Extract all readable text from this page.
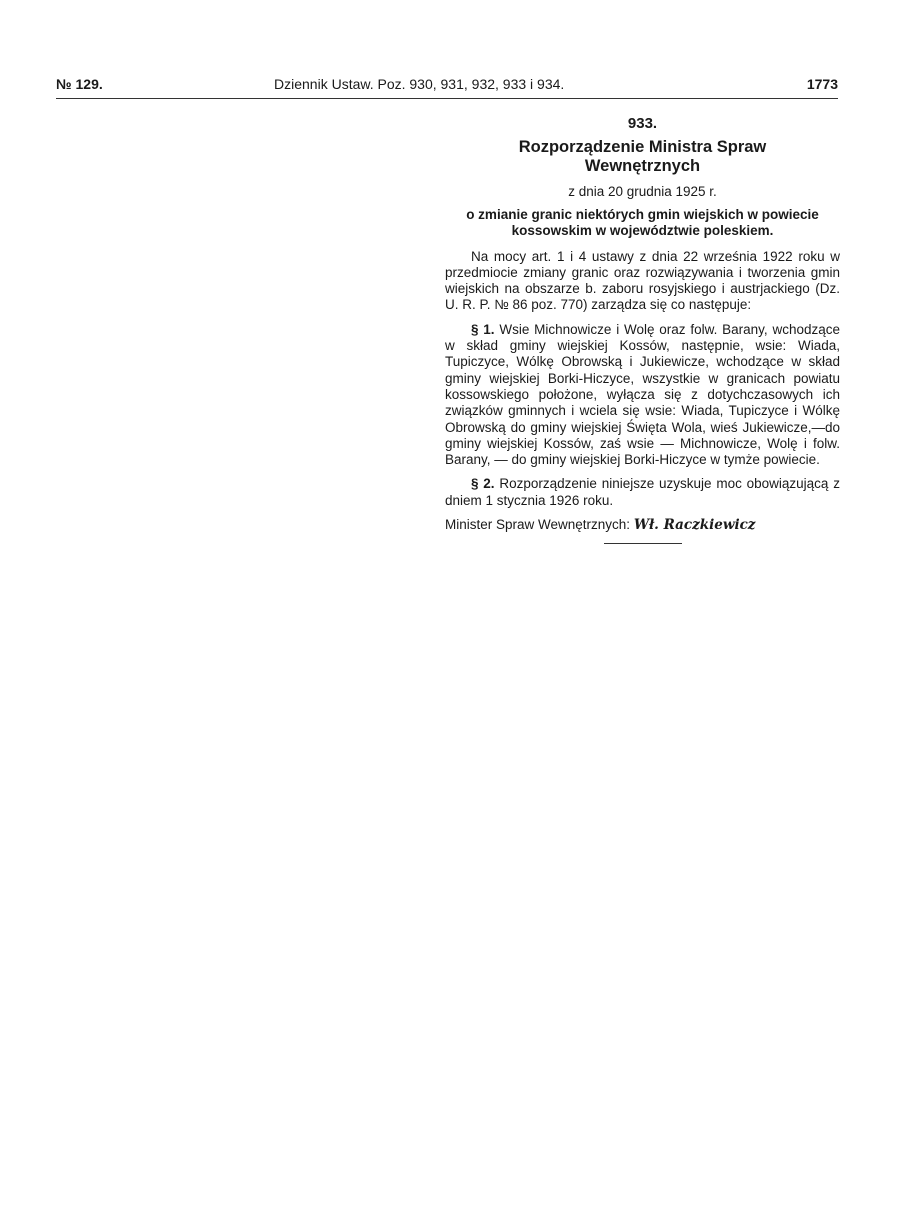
№ 129.	Dziennik Ustaw. Poz. 930, 931, 932, 933 i 934.	1773
933.
Rozporządzenie Ministra Spraw Wewnętrznych
z dnia 20 grudnia 1925 r.
o zmianie granic niektórych gmin wiejskich w powiecie kossowskim w województwie poleskiem.

Na mocy art. 1 i 4 ustawy z dnia 22 września 1922 roku w przedmiocie zmiany granic oraz rozwiązywania i tworzenia gmin wiejskich na obszarze b. zaboru rosyjskiego i austrjackiego (Dz. U. R. P. № 86 poz. 770) zarządza się co następuje:

§ 1. Wsie Michnowicze i Wolę oraz folw. Barany, wchodzące w skład gminy wiejskiej Kossów, następnie, wsie: Wiada, Tupiczyce, Wólkę Obrowską i Jukiewicze, wchodzące w skład gminy wiejskiej Borki-Hiczyce, wszystkie w granicach powiatu kossowskiego położone, wyłącza się z dotychczasowych ich związków gminnych i wciela się wsie: Wiada, Tupiczyce i Wólkę Obrowską do gminy wiejskiej Święta Wola, wieś Jukiewicze,—do gminy wiejskiej Kossów, zaś wsie — Michnowicze, Wolę i folw. Barany, — do gminy wiejskiej Borki-Hiczyce w tymże powiecie.

§ 2. Rozporządzenie niniejsze uzyskuje moc obowiązującą z dniem 1 stycznia 1926 roku.

Minister Spraw Wewnętrznych: Wł. Raczkiewicz
